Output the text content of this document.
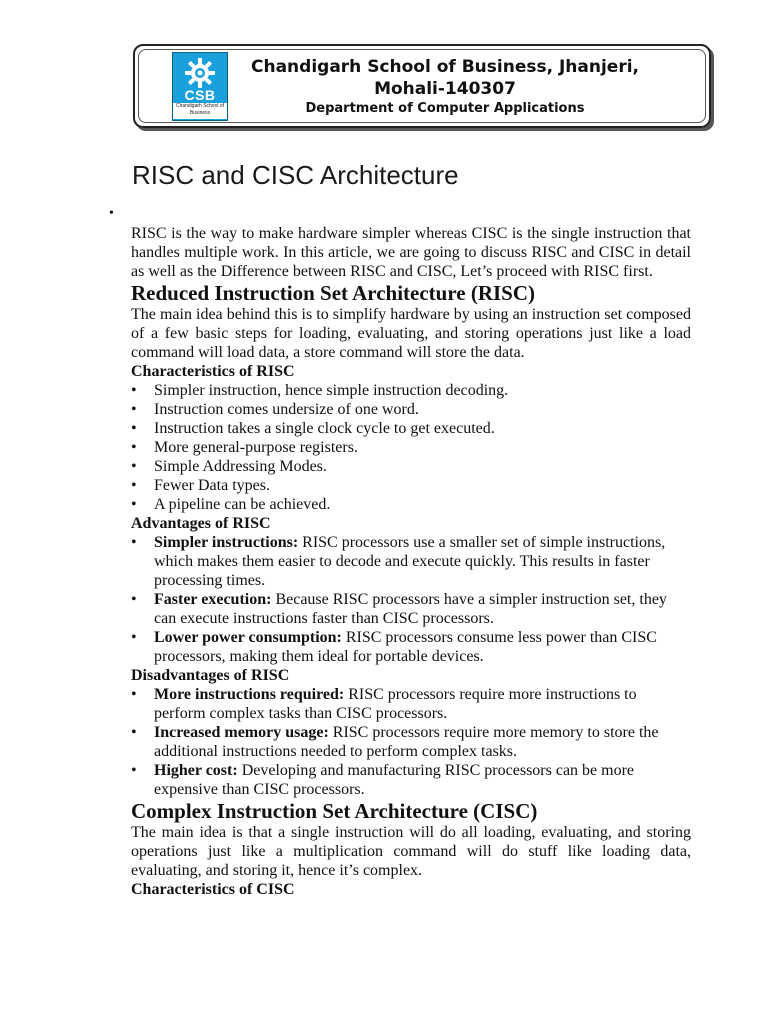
CSB
Chandigarh School of Business
Chandigarh School of Business, Jhanjeri,
Mohali-140307
Department of Computer Applications
RISC and CISC Architecture
•

RISC is the way to make hardware simpler whereas CISC is the single instruction that handles multiple work. In this article, we are going to discuss RISC and CISC in detail as well as the Difference between RISC and CISC, Let’s proceed with RISC first.

Reduced Instruction Set Architecture (RISC)

The main idea behind this is to simplify hardware by using an instruction set composed of a few basic steps for loading, evaluating, and storing operations just like a load command will load data, a store command will store the data.

Characteristics of RISC
• Simpler instruction, hence simple instruction decoding.
• Instruction comes undersize of one word.
• Instruction takes a single clock cycle to get executed.
• More general-purpose registers.
• Simple Addressing Modes.
• Fewer Data types.
• A pipeline can be achieved.
Advantages of RISC
• Simpler instructions: RISC processors use a smaller set of simple instructions, which makes them easier to decode and execute quickly. This results in faster processing times.
• Faster execution: Because RISC processors have a simpler instruction set, they can execute instructions faster than CISC processors.
• Lower power consumption: RISC processors consume less power than CISC processors, making them ideal for portable devices.
Disadvantages of RISC
• More instructions required: RISC processors require more instructions to perform complex tasks than CISC processors.
• Increased memory usage: RISC processors require more memory to store the additional instructions needed to perform complex tasks.
• Higher cost: Developing and manufacturing RISC processors can be more expensive than CISC processors.
Complex Instruction Set Architecture (CISC)

The main idea is that a single instruction will do all loading, evaluating, and storing operations just like a multiplication command will do stuff like loading data, evaluating, and storing it, hence it’s complex.

Characteristics of CISC
